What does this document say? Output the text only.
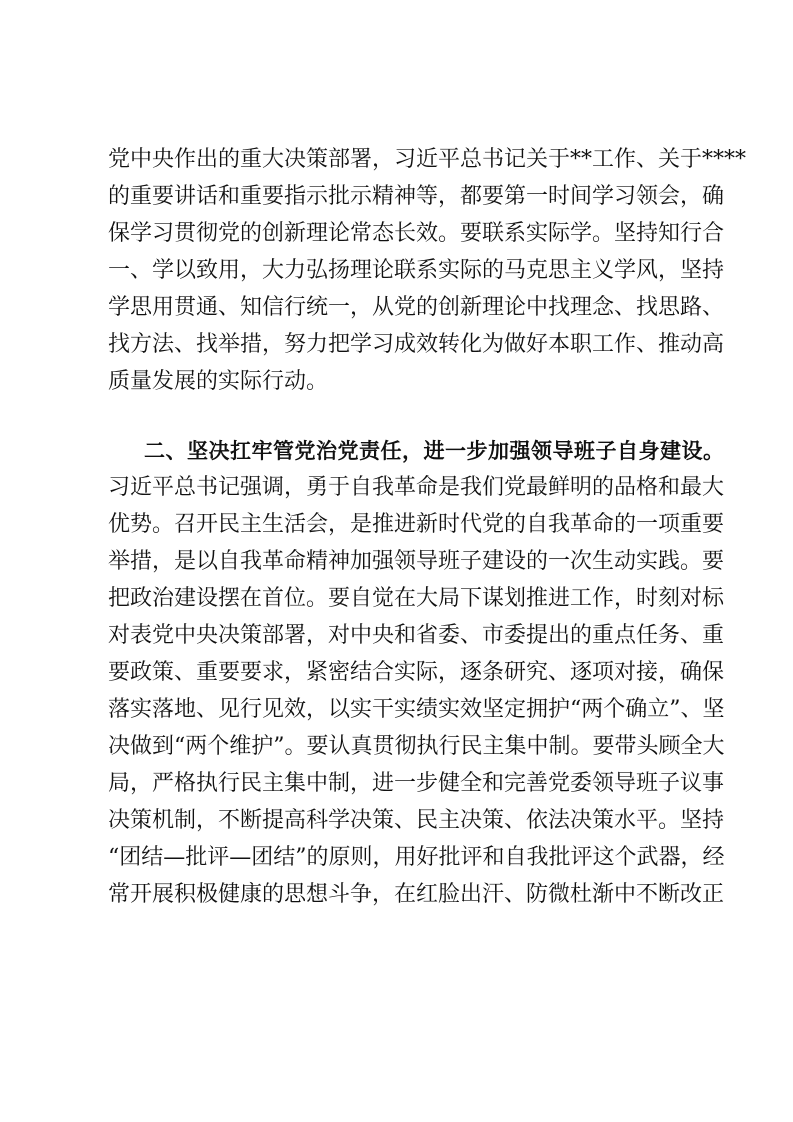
党中央作出的重大决策部署，习近平总书记关于**工作、关于****
的重要讲话和重要指示批示精神等，都要第一时间学习领会，确
保学习贯彻党的创新理论常态长效。要联系实际学。坚持知行合
一、学以致用，大力弘扬理论联系实际的马克思主义学风，坚持
学思用贯通、知信行统一，从党的创新理论中找理念、找思路、
找方法、找举措，努力把学习成效转化为做好本职工作、推动高
质量发展的实际行动。
二、坚决扛牢管党治党责任，进一步加强领导班子自身建设。
习近平总书记强调，勇于自我革命是我们党最鲜明的品格和最大
优势。召开民主生活会，是推进新时代党的自我革命的一项重要
举措，是以自我革命精神加强领导班子建设的一次生动实践。要
把政治建设摆在首位。要自觉在大局下谋划推进工作，时刻对标
对表党中央决策部署，对中央和省委、市委提出的重点任务、重
要政策、重要要求，紧密结合实际，逐条研究、逐项对接，确保
落实落地、见行见效，以实干实绩实效坚定拥护“两个确立”、坚
决做到“两个维护”。要认真贯彻执行民主集中制。要带头顾全大
局，严格执行民主集中制，进一步健全和完善党委领导班子议事
决策机制，不断提高科学决策、民主决策、依法决策水平。坚持
“团结—批评—团结”的原则，用好批评和自我批评这个武器，经
常开展积极健康的思想斗争，在红脸出汗、防微杜渐中不断改正
